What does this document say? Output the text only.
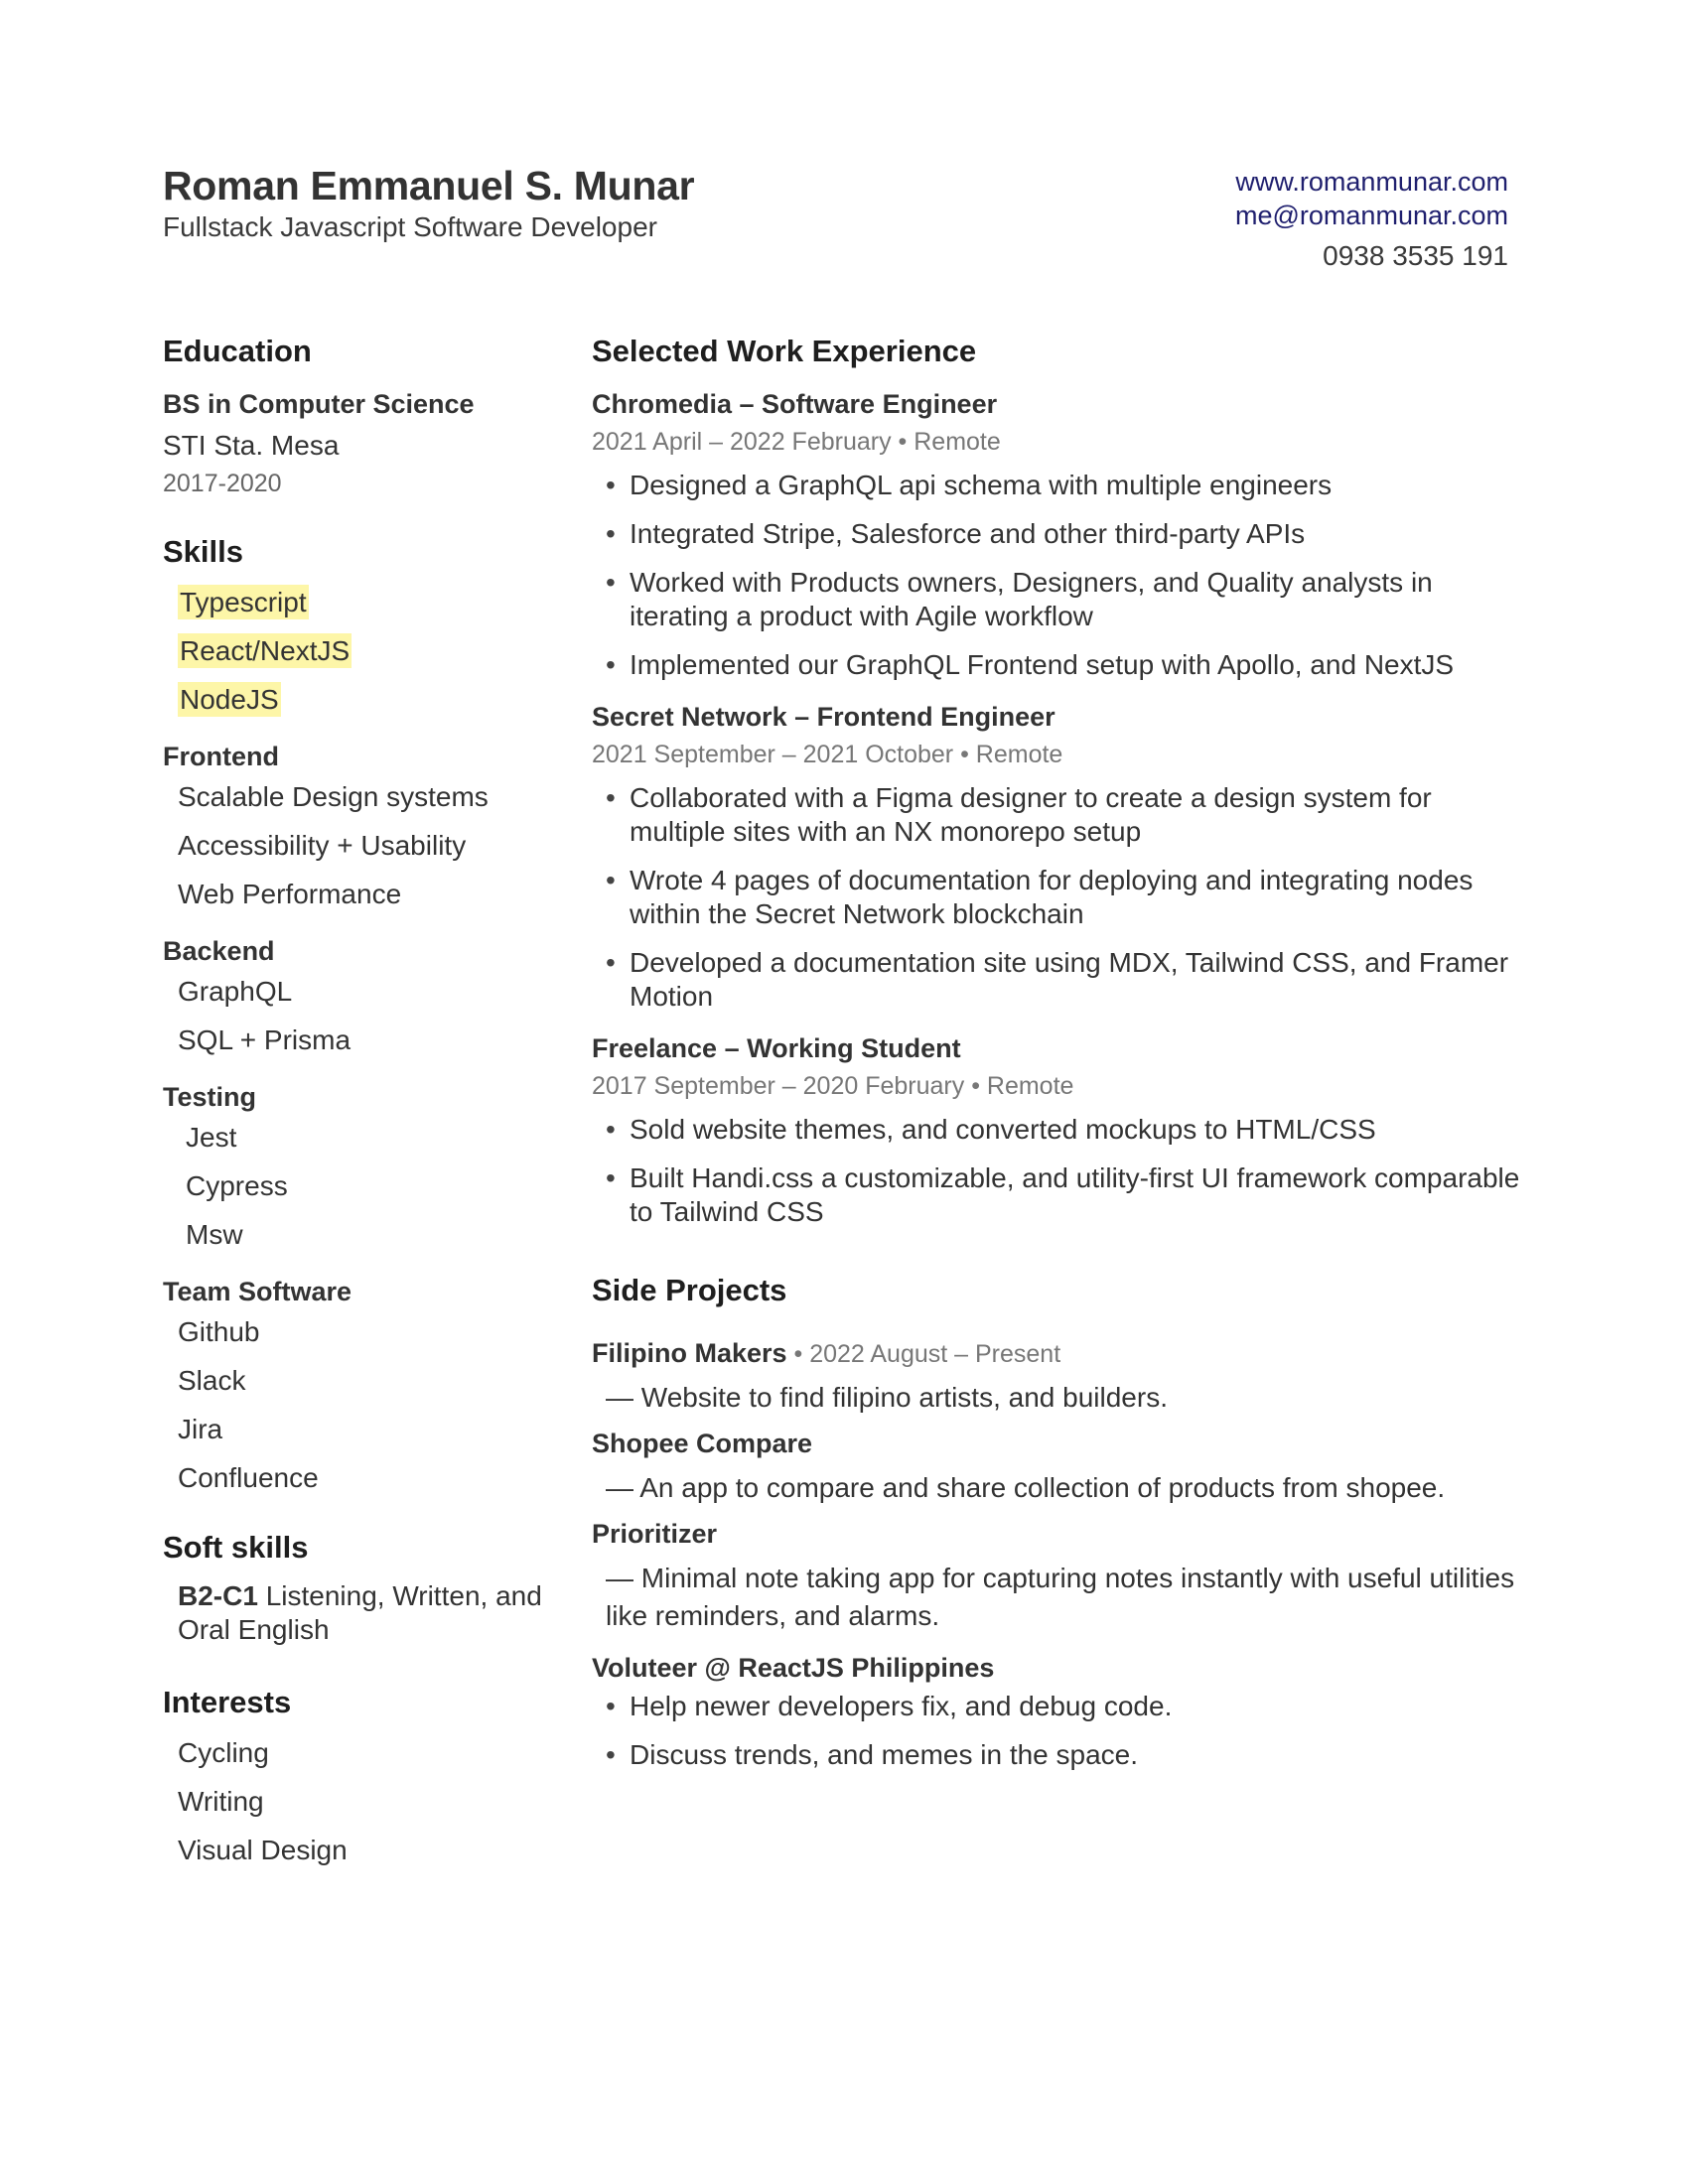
Roman Emmanuel S. Munar
Fullstack Javascript Software Developer
www.romanmunar.com
me@romanmunar.com
0938 3535 191
Education
BS in Computer Science
STI Sta. Mesa
2017-2020
Skills
Typescript
React/NextJS
NodeJS
Frontend
Scalable Design systems
Accessibility + Usability
Web Performance
Backend
GraphQL
SQL + Prisma
Testing
Jest
Cypress
Msw
Team Software
Github
Slack
Jira
Confluence
Soft skills
B2-C1 Listening, Written, and Oral English
Interests
Cycling
Writing
Visual Design
Selected Work Experience
Chromedia – Software Engineer
2021 April – 2022 February • Remote
• Designed a GraphQL api schema with multiple engineers
• Integrated Stripe, Salesforce and other third-party APIs
• Worked with Products owners, Designers, and Quality analysts in iterating a product with Agile workflow
• Implemented our GraphQL Frontend setup with Apollo, and NextJS
Secret Network – Frontend Engineer
2021 September – 2021 October • Remote
• Collaborated with a Figma designer to create a design system for multiple sites with an NX monorepo setup
• Wrote 4 pages of documentation for deploying and integrating nodes within the Secret Network blockchain
• Developed a documentation site using MDX, Tailwind CSS, and Framer Motion
Freelance – Working Student
2017 September – 2020 February • Remote
• Sold website themes, and converted mockups to HTML/CSS
• Built Handi.css a customizable, and utility-first UI framework comparable to Tailwind CSS
Side Projects
Filipino Makers • 2022 August – Present
— Website to find filipino artists, and builders.
Shopee Compare
— An app to compare and share collection of products from shopee.
Prioritizer
— Minimal note taking app for capturing notes instantly with useful utilities like reminders, and alarms.
Voluteer @ ReactJS Philippines
• Help newer developers fix, and debug code.
• Discuss trends, and memes in the space.
